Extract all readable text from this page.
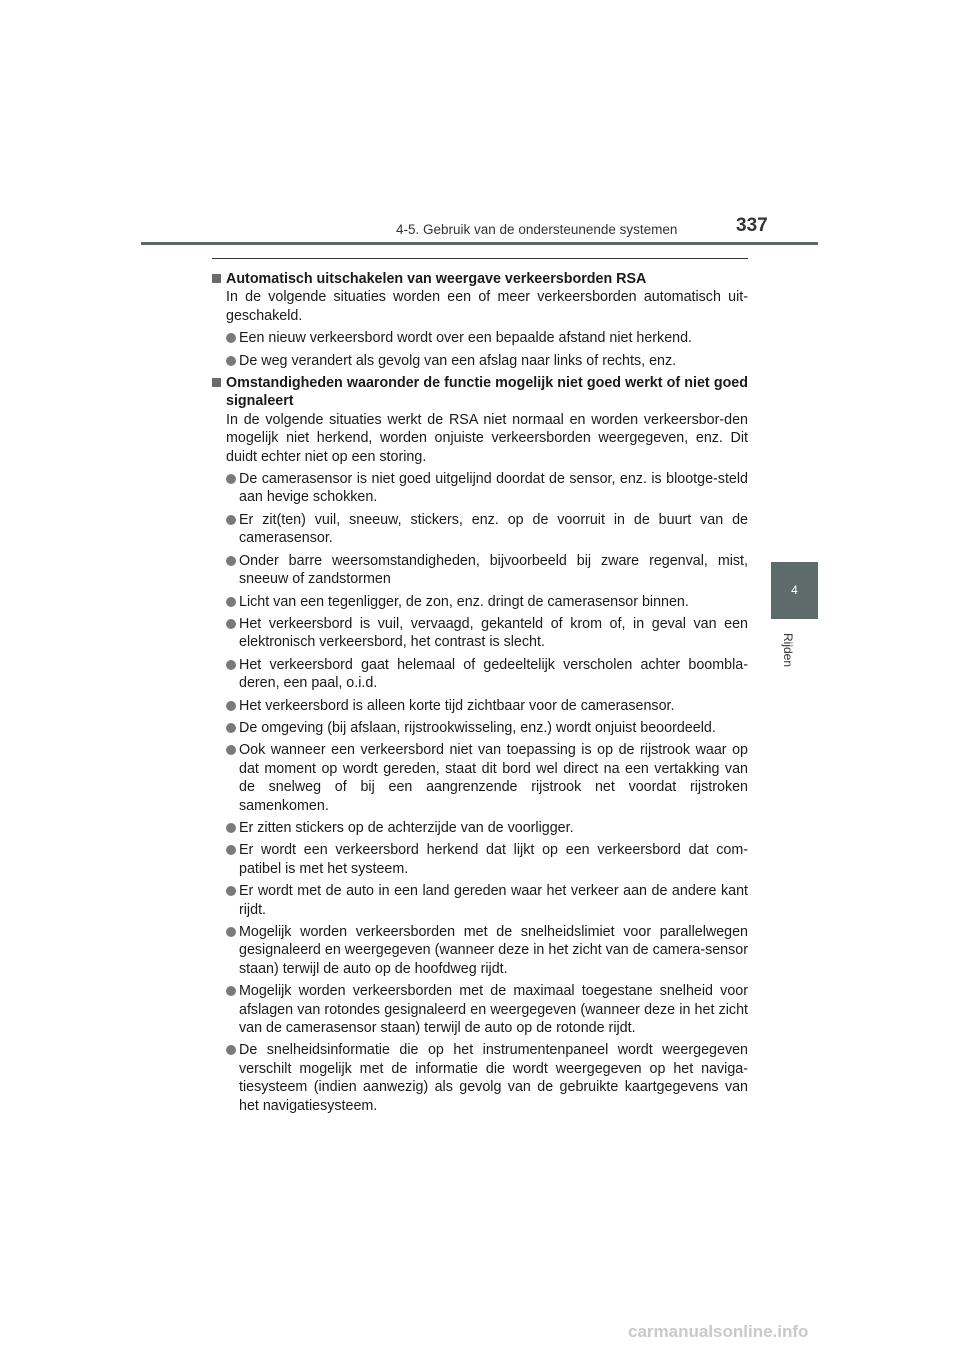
4-5. Gebruik van de ondersteunende systemen	337
4
Rijden
Automatisch uitschakelen van weergave verkeersborden RSA
In de volgende situaties worden een of meer verkeersborden automatisch uit-geschakeld.
Een nieuw verkeersbord wordt over een bepaalde afstand niet herkend.
De weg verandert als gevolg van een afslag naar links of rechts, enz.
Omstandigheden waaronder de functie mogelijk niet goed werkt of niet goed signaleert
In de volgende situaties werkt de RSA niet normaal en worden verkeersbor-den mogelijk niet herkend, worden onjuiste verkeersborden weergegeven, enz. Dit duidt echter niet op een storing.
De camerasensor is niet goed uitgelijnd doordat de sensor, enz. is blootge-steld aan hevige schokken.
Er zit(ten) vuil, sneeuw, stickers, enz. op de voorruit in de buurt van de camerasensor.
Onder barre weersomstandigheden, bijvoorbeeld bij zware regenval, mist, sneeuw of zandstormen
Licht van een tegenligger, de zon, enz. dringt de camerasensor binnen.
Het verkeersbord is vuil, vervaagd, gekanteld of krom of, in geval van een elektronisch verkeersbord, het contrast is slecht.
Het verkeersbord gaat helemaal of gedeeltelijk verscholen achter boombla-deren, een paal, o.i.d.
Het verkeersbord is alleen korte tijd zichtbaar voor de camerasensor.
De omgeving (bij afslaan, rijstrookwisseling, enz.) wordt onjuist beoordeeld.
Ook wanneer een verkeersbord niet van toepassing is op de rijstrook waar op dat moment op wordt gereden, staat dit bord wel direct na een vertakking van de snelweg of bij een aangrenzende rijstrook net voordat rijstroken samenkomen.
Er zitten stickers op de achterzijde van de voorligger.
Er wordt een verkeersbord herkend dat lijkt op een verkeersbord dat com-patibel is met het systeem.
Er wordt met de auto in een land gereden waar het verkeer aan de andere kant rijdt.
Mogelijk worden verkeersborden met de snelheidslimiet voor parallelwegen gesignaleerd en weergegeven (wanneer deze in het zicht van de camera-sensor staan) terwijl de auto op de hoofdweg rijdt.
Mogelijk worden verkeersborden met de maximaal toegestane snelheid voor afslagen van rotondes gesignaleerd en weergegeven (wanneer deze in het zicht van de camerasensor staan) terwijl de auto op de rotonde rijdt.
De snelheidsinformatie die op het instrumentenpaneel wordt weergegeven verschilt mogelijk met de informatie die wordt weergegeven op het naviga-tiesysteem (indien aanwezig) als gevolg van de gebruikte kaartgegevens van het navigatiesysteem.
carmanualsonline.info
